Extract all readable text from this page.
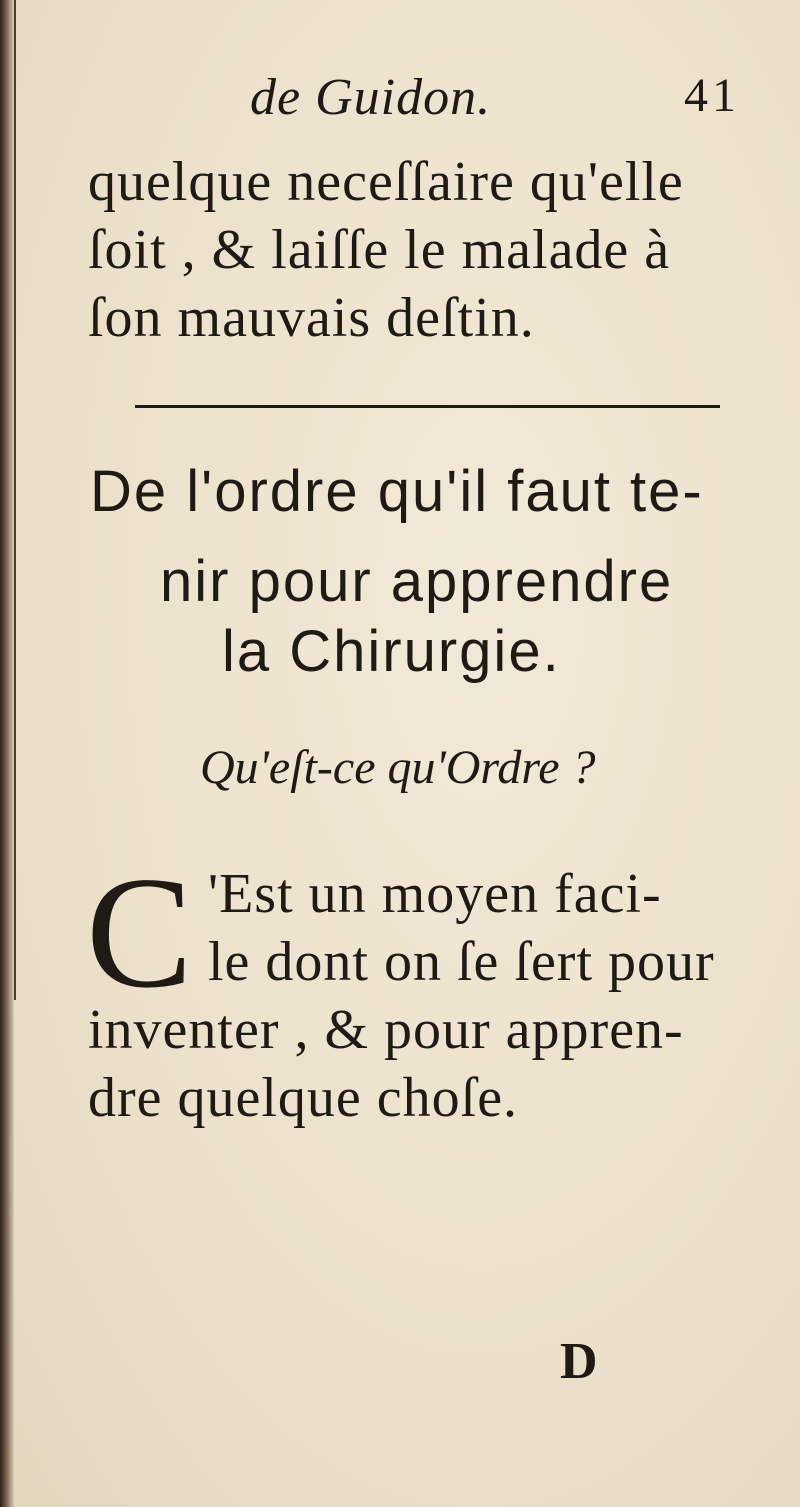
de Guidon.	41
quelque neceſſaire qu'elle
ſoit , & laiſſe le malade à
ſon mauvais deſtin.
De l'ordre qu'il faut te-
nir pour apprendre
la Chirurgie.
Qu'eſt-ce qu'Ordre ?
C 'Est un moyen faci-
le dont on ſe ſert pour
inventer , & pour appren-
dre quelque choſe.
D
